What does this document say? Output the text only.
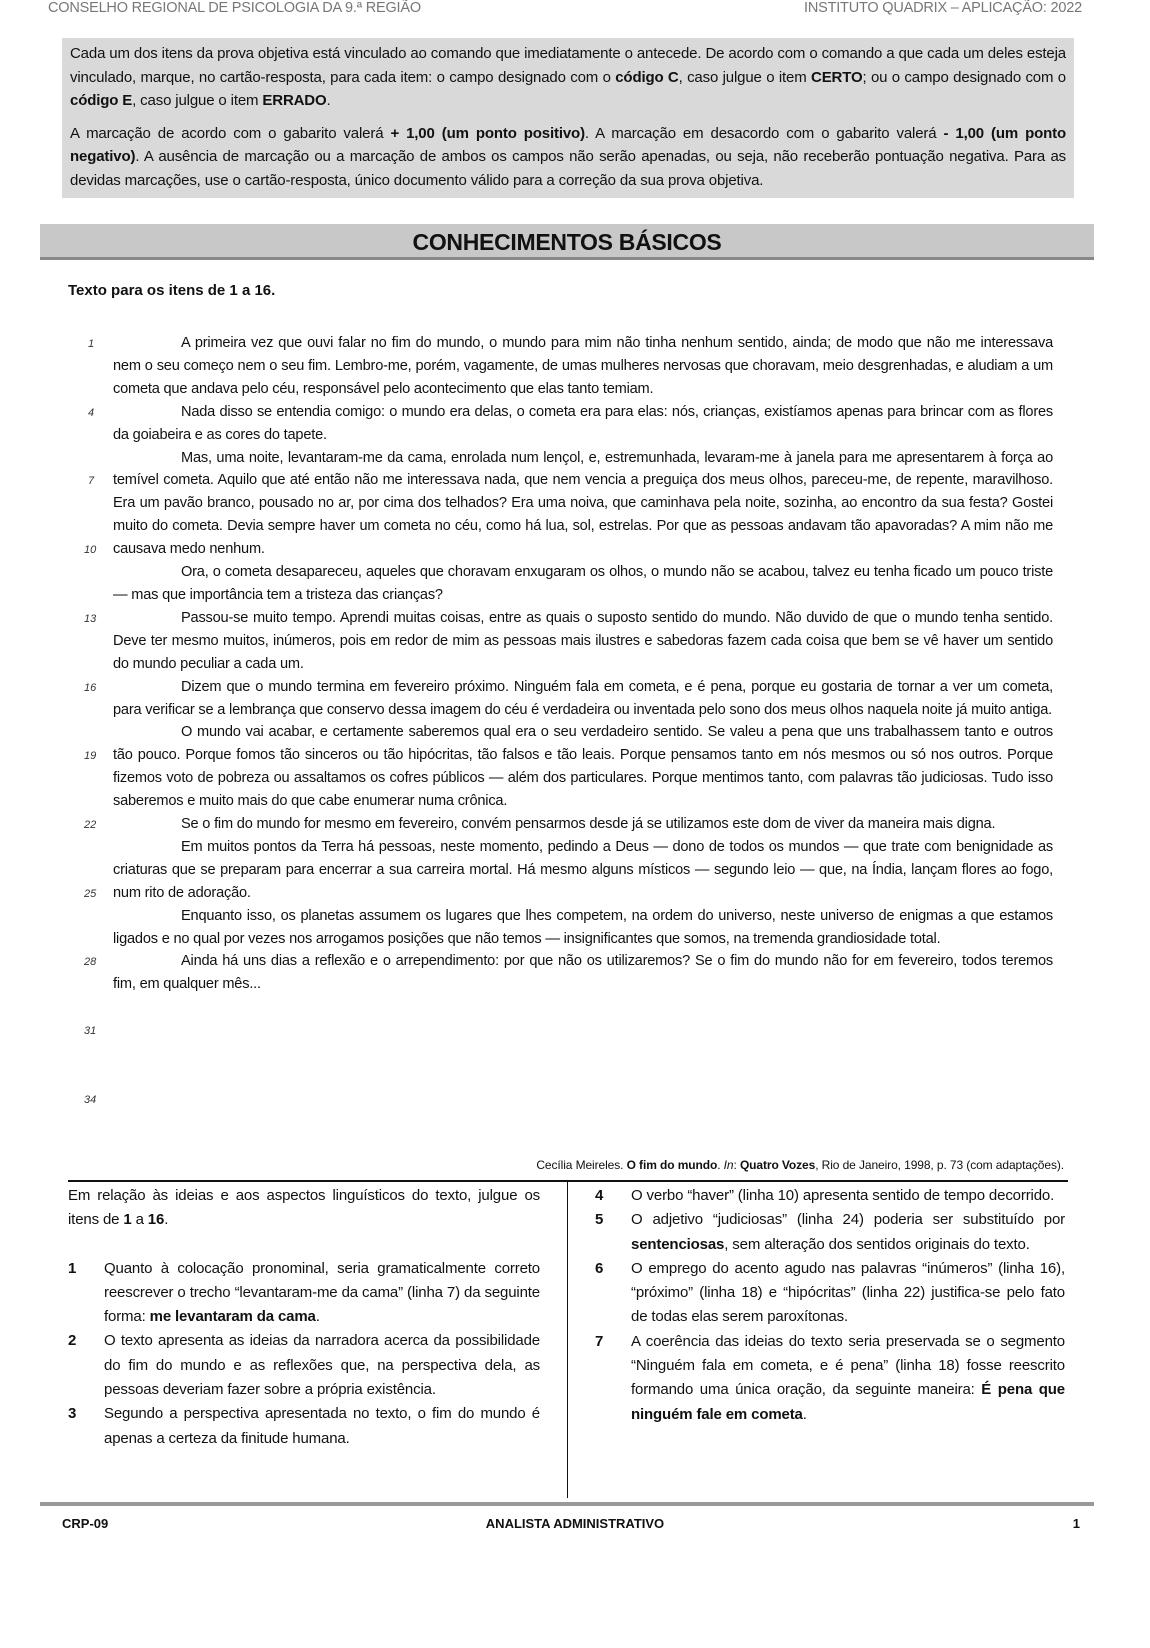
CONSELHO REGIONAL DE PSICOLOGIA DA 9.ª REGIÃO	INSTITUTO QUADRIX – APLICAÇÃO: 2022

Cada um dos itens da prova objetiva está vinculado ao comando que imediatamente o antecede. De acordo com o comando a que cada um deles esteja vinculado, marque, no cartão-resposta, para cada item: o campo designado com o código C, caso julgue o item CERTO; ou o campo designado com o código E, caso julgue o item ERRADO.

A marcação de acordo com o gabarito valerá + 1,00 (um ponto positivo). A marcação em desacordo com o gabarito valerá - 1,00 (um ponto negativo). A ausência de marcação ou a marcação de ambos os campos não serão apenadas, ou seja, não receberão pontuação negativa. Para as devidas marcações, use o cartão-resposta, único documento válido para a correção da sua prova objetiva.

CONHECIMENTOS BÁSICOS
Texto para os itens de 1 a 16.
1
4
7
10
13
16
19
22
25
28
31
34

A primeira vez que ouvi falar no fim do mundo, o mundo para mim não tinha nenhum sentido, ainda; de modo que não me interessava nem o seu começo nem o seu fim. Lembro-me, porém, vagamente, de umas mulheres nervosas que choravam, meio desgrenhadas, e aludiam a um cometa que andava pelo céu, responsável pelo acontecimento que elas tanto temiam.

Nada disso se entendia comigo: o mundo era delas, o cometa era para elas: nós, crianças, existíamos apenas para brincar com as flores da goiabeira e as cores do tapete.

Mas, uma noite, levantaram-me da cama, enrolada num lençol, e, estremunhada, levaram-me à janela para me apresentarem à força ao temível cometa. Aquilo que até então não me interessava nada, que nem vencia a preguiça dos meus olhos, pareceu-me, de repente, maravilhoso. Era um pavão branco, pousado no ar, por cima dos telhados? Era uma noiva, que caminhava pela noite, sozinha, ao encontro da sua festa? Gostei muito do cometa. Devia sempre haver um cometa no céu, como há lua, sol, estrelas. Por que as pessoas andavam tão apavoradas? A mim não me causava medo nenhum.

Ora, o cometa desapareceu, aqueles que choravam enxugaram os olhos, o mundo não se acabou, talvez eu tenha ficado um pouco triste — mas que importância tem a tristeza das crianças?

Passou-se muito tempo. Aprendi muitas coisas, entre as quais o suposto sentido do mundo. Não duvido de que o mundo tenha sentido. Deve ter mesmo muitos, inúmeros, pois em redor de mim as pessoas mais ilustres e sabedoras fazem cada coisa que bem se vê haver um sentido do mundo peculiar a cada um.

Dizem que o mundo termina em fevereiro próximo. Ninguém fala em cometa, e é pena, porque eu gostaria de tornar a ver um cometa, para verificar se a lembrança que conservo dessa imagem do céu é verdadeira ou inventada pelo sono dos meus olhos naquela noite já muito antiga.

O mundo vai acabar, e certamente saberemos qual era o seu verdadeiro sentido. Se valeu a pena que uns trabalhassem tanto e outros tão pouco. Porque fomos tão sinceros ou tão hipócritas, tão falsos e tão leais. Porque pensamos tanto em nós mesmos ou só nos outros. Porque fizemos voto de pobreza ou assaltamos os cofres públicos — além dos particulares. Porque mentimos tanto, com palavras tão judiciosas. Tudo isso saberemos e muito mais do que cabe enumerar numa crônica.

Se o fim do mundo for mesmo em fevereiro, convém pensarmos desde já se utilizamos este dom de viver da maneira mais digna.

Em muitos pontos da Terra há pessoas, neste momento, pedindo a Deus — dono de todos os mundos — que trate com benignidade as criaturas que se preparam para encerrar a sua carreira mortal. Há mesmo alguns místicos — segundo leio — que, na Índia, lançam flores ao fogo, num rito de adoração.

Enquanto isso, os planetas assumem os lugares que lhes competem, na ordem do universo, neste universo de enigmas a que estamos ligados e no qual por vezes nos arrogamos posições que não temos — insignificantes que somos, na tremenda grandiosidade total.

Ainda há uns dias a reflexão e o arrependimento: por que não os utilizaremos? Se o fim do mundo não for em fevereiro, todos teremos fim, em qualquer mês...

Cecília Meireles. O fim do mundo. In: Quatro Vozes, Rio de Janeiro, 1998, p. 73 (com adaptações).

Em relação às ideias e aos aspectos linguísticos do texto, julgue os itens de 1 a 16.

1 Quanto à colocação pronominal, seria gramaticalmente correto reescrever o trecho “levantaram-me da cama” (linha 7) da seguinte forma: me levantaram da cama.

2 O texto apresenta as ideias da narradora acerca da possibilidade do fim do mundo e as reflexões que, na perspectiva dela, as pessoas deveriam fazer sobre a própria existência.

3 Segundo a perspectiva apresentada no texto, o fim do mundo é apenas a certeza da finitude humana.

4 O verbo “haver” (linha 10) apresenta sentido de tempo decorrido.

5 O adjetivo “judiciosas” (linha 24) poderia ser substituído por sentenciosas, sem alteração dos sentidos originais do texto.

6 O emprego do acento agudo nas palavras “inúmeros” (linha 16), “próximo” (linha 18) e “hipócritas” (linha 22) justifica-se pelo fato de todas elas serem paroxítonas.

7 A coerência das ideias do texto seria preservada se o segmento “Ninguém fala em cometa, e é pena” (linha 18) fosse reescrito formando uma única oração, da seguinte maneira: É pena que ninguém fale em cometa.

CRP-09	ANALISTA ADMINISTRATIVO	1
